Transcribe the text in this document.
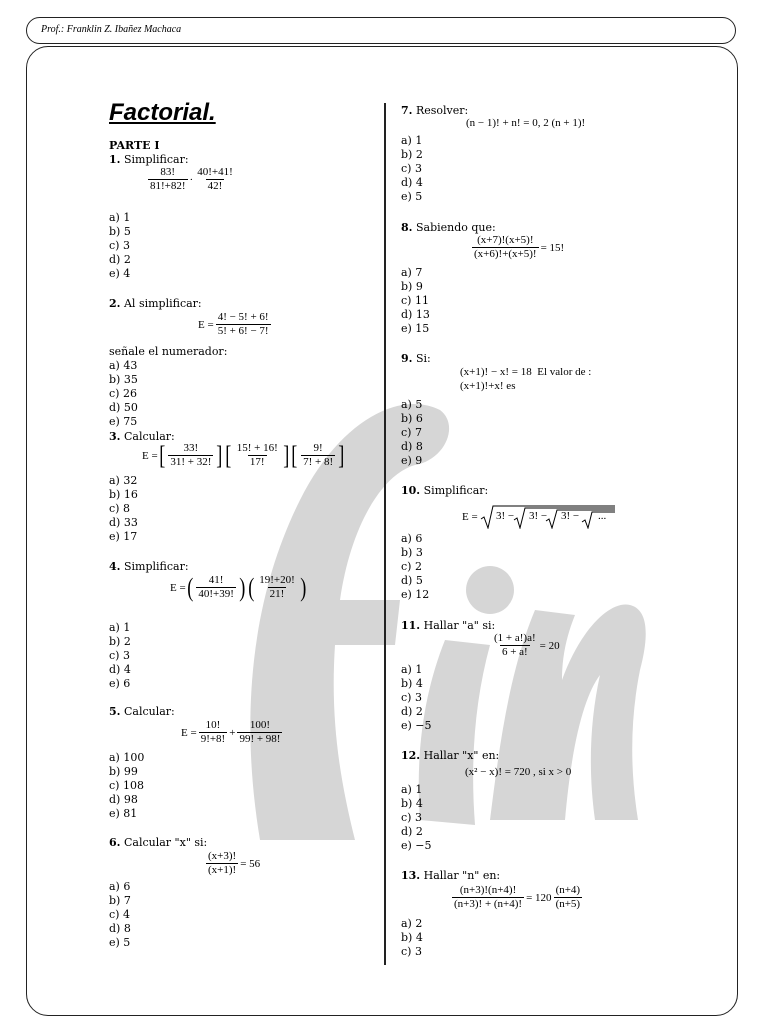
Prof.: Franklin Z. Ibañez Machaca
Factorial.
PARTE I
1. Simplificar:
83!
81!+82!
·
40!+41!
42!
a) 1
b) 5
c) 3
d) 2
e) 4
2. Al simplificar:
$E = \frac{4! - 5! + 6!}{5! + 6! - 7!}$
señale el numerador:
a) 43
b) 35
c) 26
d) 50
e) 75
3. Calcular:
E = [ 33!
31! + 32! ] [ 15! + 16!
17! ] [ 9!
7! + 8! ]
a) 32
b) 16
c) 8
d) 33
e) 17
4. Simplificar:
E = ( 41!
40!+39! ) ( 19!+20!
21! )
a) 1
b) 2
c) 3
d) 4
e) 6
5. Calcular:
$E = \frac{10!}{9!+8!} + \frac{100!}{99! + 98!}$
a) 100
b) 99
c) 108
d) 98
e) 81
6. Calcular "x" si:
$\frac{(x+3)!}{(x+1)!} = 56$
a) 6
b) 7
c) 4
d) 8
e) 5
7. Resolver:
(n − 1)! + n! = 0, 2 (n + 1)!
a) 1
b) 2
c) 3
d) 4
e) 5
8. Sabiendo que:
$\frac{(x+7)!(x+5)!}{(x+6)!+(x+5)!} = 15$!
a) 7
b) 9
c) 11
d) 13
e) 15
9. Si:
(x+1)! − x! = 18
El valor de :
(x+1)!+x! es
a) 5
b) 6
c) 7
d) 8
e) 9
10. Simplificar:
E = 3! − 3! − 3! − ...
a) 6
b) 3
c) 2
d) 5
e) 12
11. Hallar "a" si:
$\frac{(1 + a!)a!}{6 + a!} = 20$
a) 1
b) 4
c) 3
d) 2
e) −5
12. Hallar "x" en:
(x² − x)! = 720 , si x > 0
a) 1
b) 4
c) 3
d) 2
e) −5
13. Hallar "n" en:
$\frac{(n+3)!(n+4)!}{(n+3)! + (n+4)!} = 120$
(n+4)
(n+5)
a) 2
b) 4
c) 3
